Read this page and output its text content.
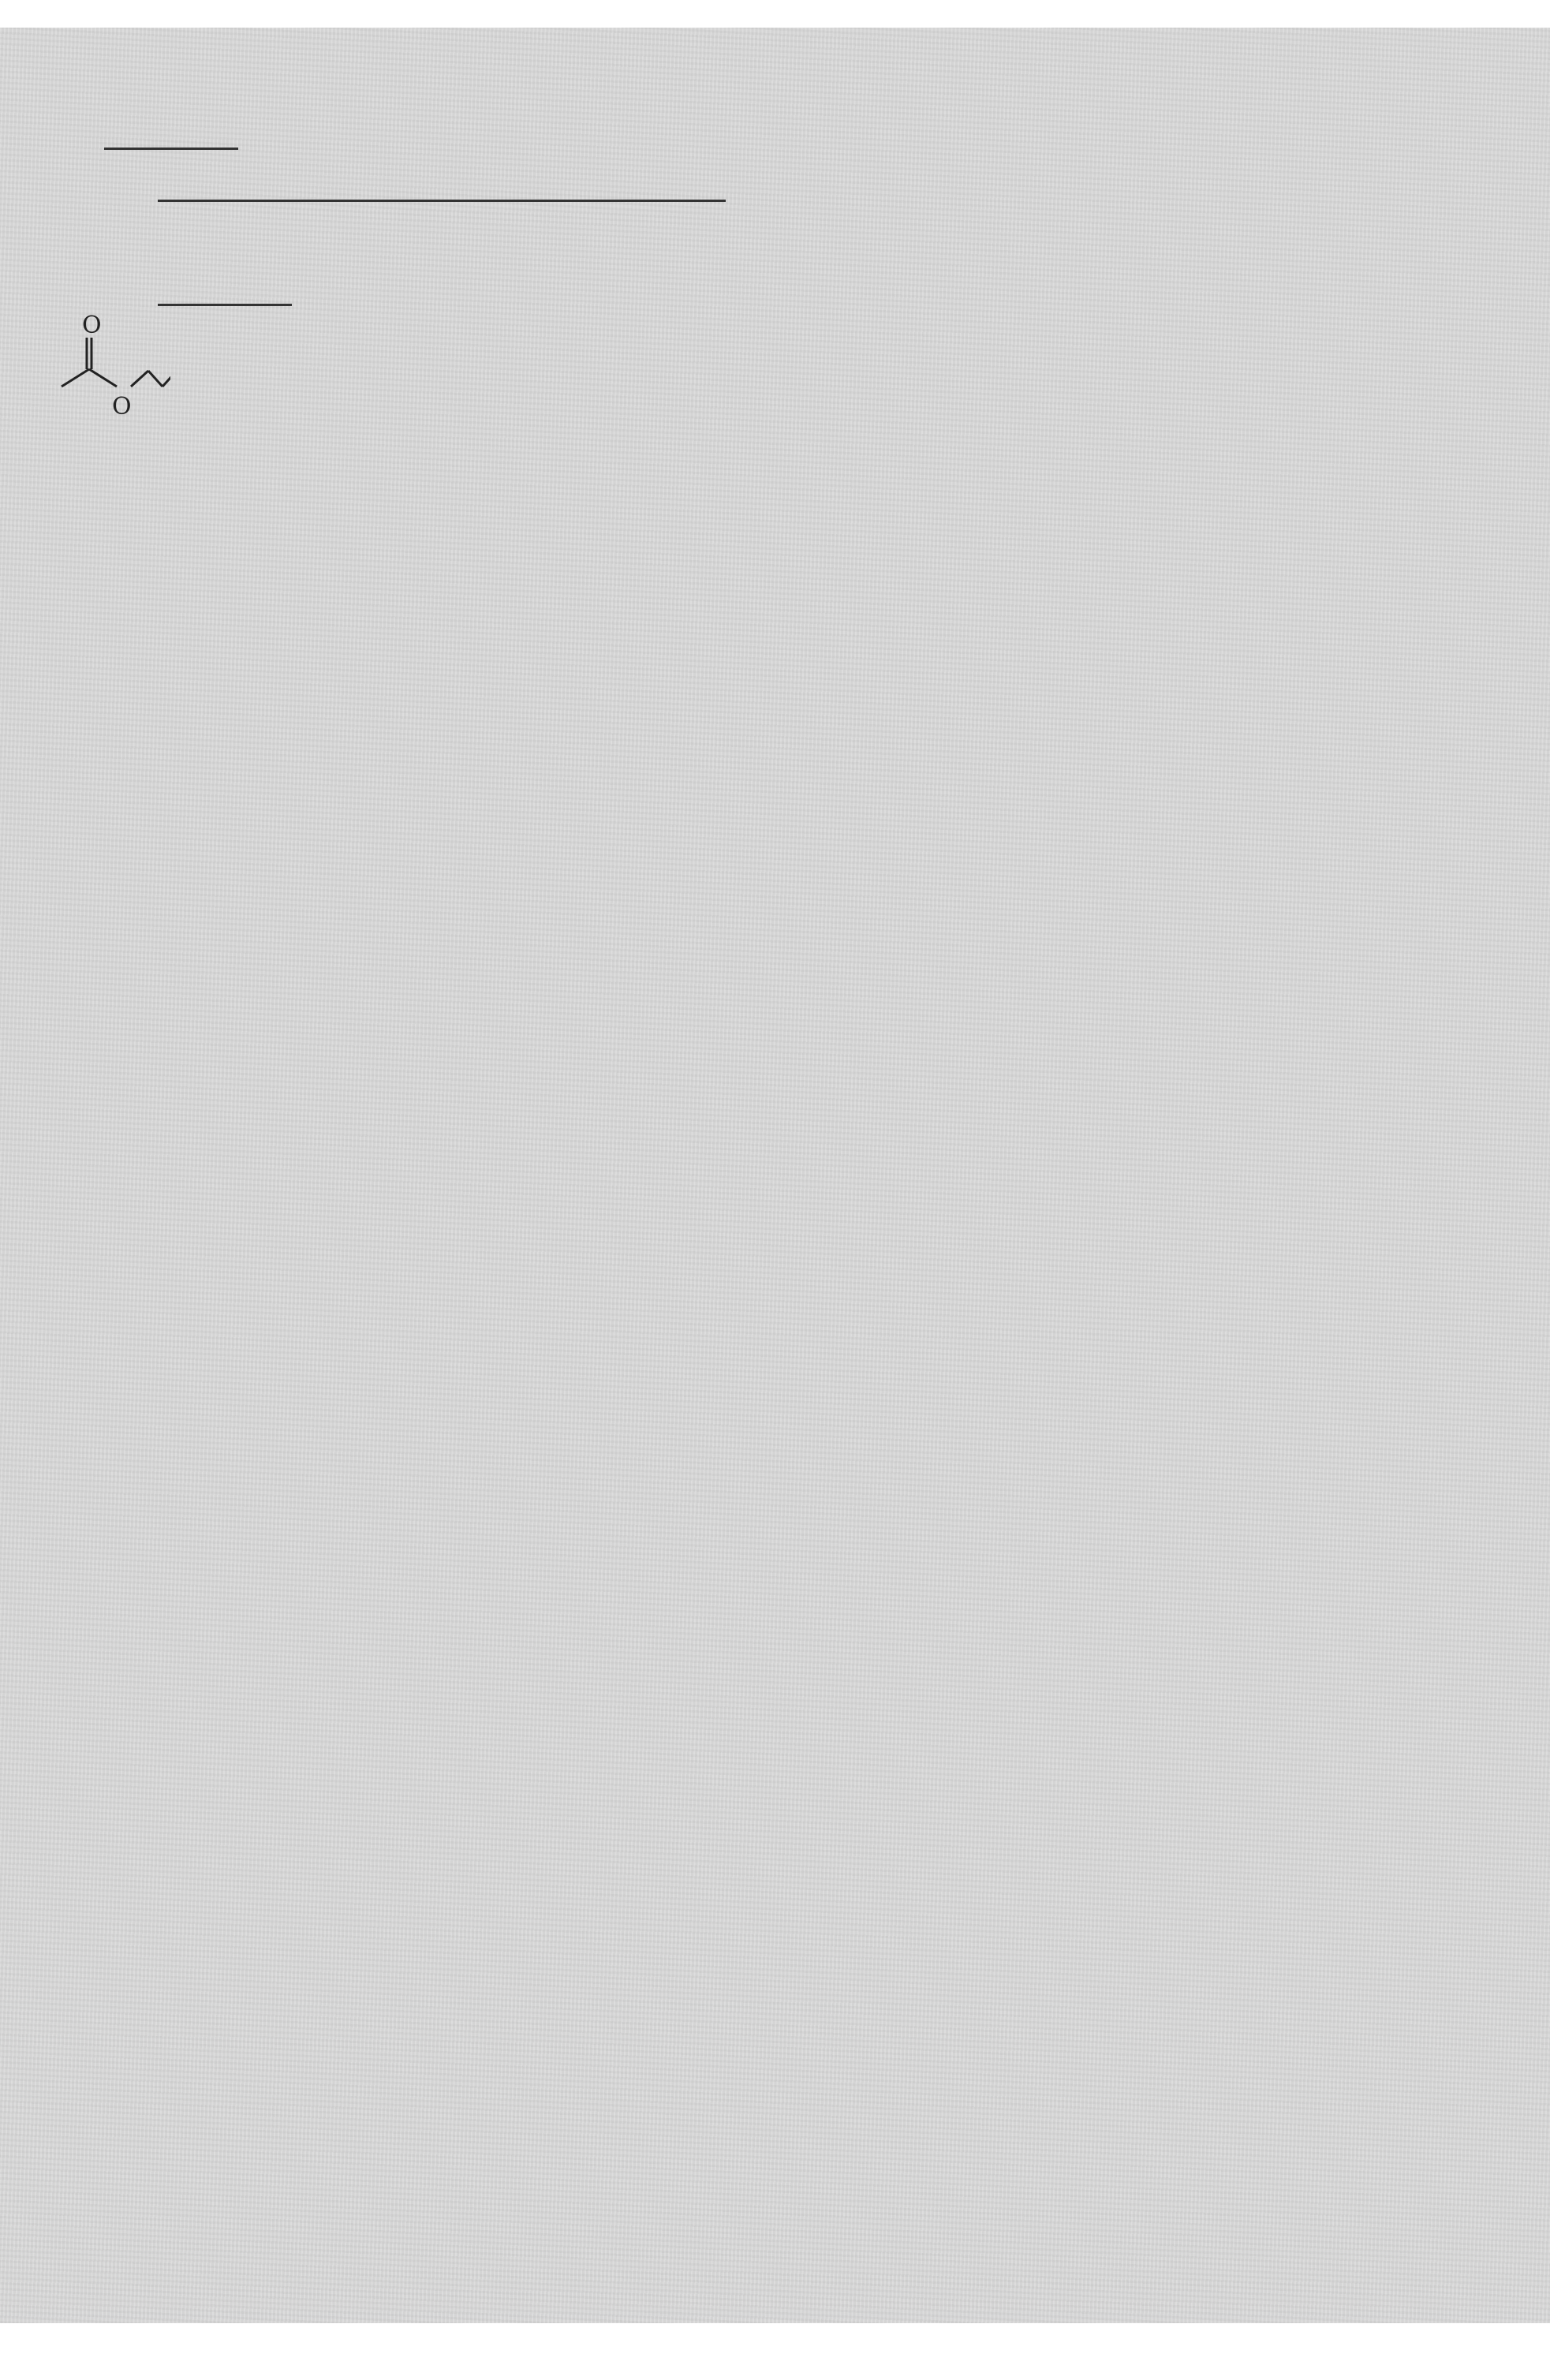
O
O
